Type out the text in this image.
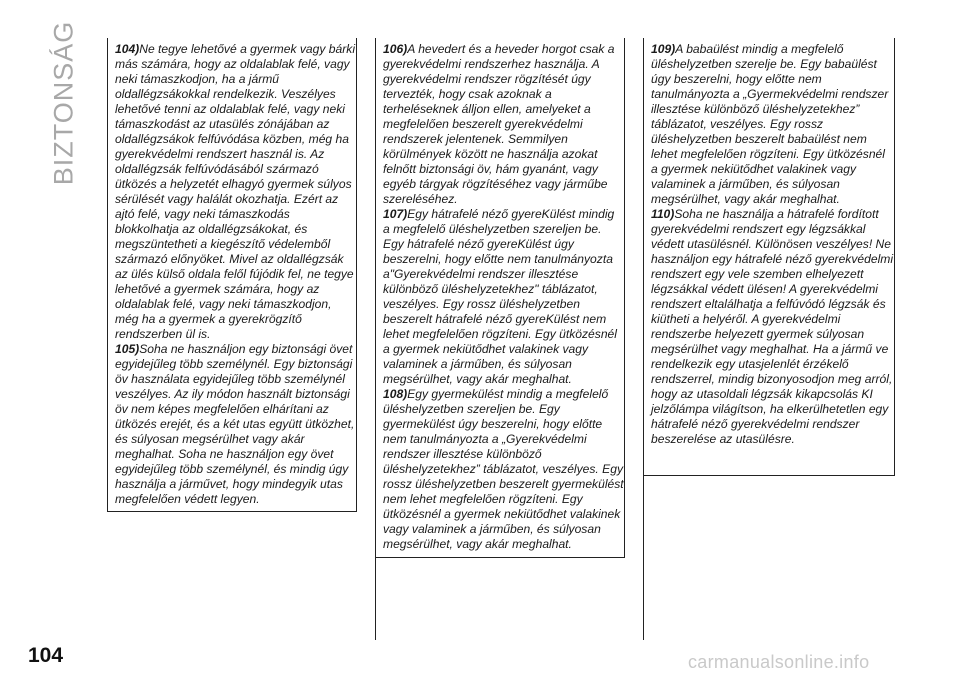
BIZTONSÁG	104)Ne tegye lehetővé a gyermek vagy bárki más számára, hogy az oldalablak felé, vagy neki támaszkodjon, ha a jármű oldallégzsákokkal rendelkezik. Veszélyes lehetővé tenni az oldalablak felé, vagy neki támaszkodást az utasülés zónájában az oldallégzsákok felfúvódása közben, még ha gyerekvédelmi rendszert használ is. Az oldallégzsák felfúvódásából származó ütközés a helyzetét elhagyó gyermek súlyos sérülését vagy halálát okozhatja. Ezért az ajtó felé, vagy neki támaszkodás blokkolhatja az oldallégzsákokat, és megszüntetheti a kiegészítő védelemből származó előnyöket. Mivel az oldallégzsák az ülés külső oldala felől fújódik fel, ne tegye lehetővé a gyermek számára, hogy az oldalablak felé, vagy neki támaszkodjon, még ha a gyermek a gyerekrögzítő rendszerben ül is.

105)Soha ne használjon egy biztonsági övet egyidejűleg több személynél. Egy biztonsági öv használata egyidejűleg több személynél veszélyes. Az ily módon használt biztonsági öv nem képes megfelelően elhárítani az ütközés erejét, és a két utas együtt ütközhet, és súlyosan megsérülhet vagy akár meghalhat. Soha ne használjon egy övet egyidejűleg több személynél, és mindig úgy használja a járművet, hogy mindegyik utas megfelelően védett legyen.

106)A hevedert és a heveder horgot csak a gyerekvédelmi rendszerhez használja. A gyerekvédelmi rendszer rögzítését úgy tervezték, hogy csak azoknak a terheléseknek álljon ellen, amelyeket a megfelelően beszerelt gyerekvédelmi rendszerek jelentenek. Semmilyen körülmények között ne használja azokat felnőtt biztonsági öv, hám gyanánt, vagy egyéb tárgyak rögzítéséhez vagy járműbe szereléséhez.

107)Egy hátrafelé néző gyereKülést mindig a megfelelő üléshelyzetben szereljen be. Egy hátrafelé néző gyereKülést úgy beszerelni, hogy előtte nem tanulmányozta a"Gyerekvédelmi rendszer illesztése különböző üléshelyzetekhez" táblázatot, veszélyes. Egy rossz üléshelyzetben beszerelt hátrafelé néző gyereKülést nem lehet megfelelően rögzíteni. Egy ütközésnél a gyermek nekiütődhet valakinek vagy valaminek a járműben, és súlyosan megsérülhet, vagy akár meghalhat.

108)Egy gyermekülést mindig a megfelelő üléshelyzetben szereljen be. Egy gyermekülést úgy beszerelni, hogy előtte nem tanulmányozta a „Gyerekvédelmi rendszer illesztése különböző üléshelyzetekhez” táblázatot, veszélyes. Egy rossz üléshelyzetben beszerelt gyermekülést nem lehet megfelelően rögzíteni. Egy ütközésnél a gyermek nekiütődhet valakinek vagy valaminek a járműben, és súlyosan megsérülhet, vagy akár meghalhat.

109)A babaülést mindig a megfelelő üléshelyzetben szerelje be. Egy babaülést úgy beszerelni, hogy előtte nem tanulmányozta a „Gyermekvédelmi rendszer illesztése különböző üléshelyzetekhez” táblázatot, veszélyes. Egy rossz üléshelyzetben beszerelt babaülést nem lehet megfelelően rögzíteni. Egy ütközésnél a gyermek nekiütődhet valakinek vagy valaminek a járműben, és súlyosan megsérülhet, vagy akár meghalhat.

110)Soha ne használja a hátrafelé fordított gyerekvédelmi rendszert egy légzsákkal védett utasülésnél. Különösen veszélyes! Ne használjon egy hátrafelé néző gyerekvédelmi rendszert egy vele szemben elhelyezett légzsákkal védett ülésen! A gyerekvédelmi rendszert eltalálhatja a felfúvódó légzsák és kiütheti a helyéről. A gyerekvédelmi rendszerbe helyezett gyermek súlyosan megsérülhet vagy meghalhat. Ha a jármű ve rendelkezik egy utasjelenlét érzékelő rendszerrel, mindig bizonyosodjon meg arról, hogy az utasoldali légzsák kikapcsolás KI jelzőlámpa világítson, ha elkerülhetetlen egy hátrafelé néző gyerekvédelmi rendszer beszerelése az utasülésre.

104	carmanualsonline.info
